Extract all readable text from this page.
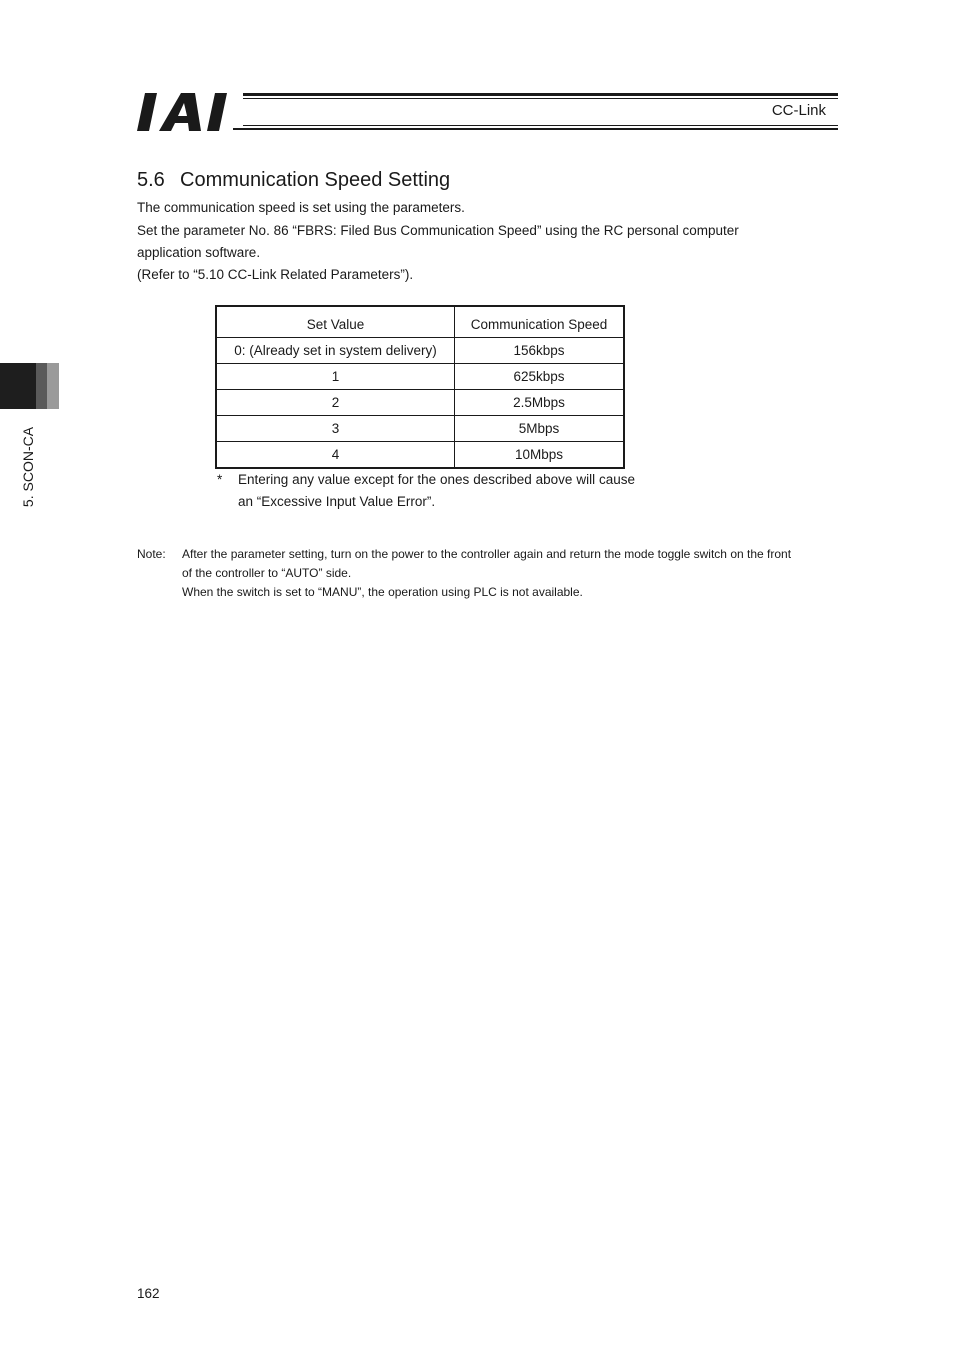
CC-Link
5. SCON-CA
5.6 Communication Speed Setting

The communication speed is set using the parameters.

Set the parameter No. 86 “FBRS: Filed Bus Communication Speed” using the RC personal computer

application software.

(Refer to “5.10 CC-Link Related Parameters”).

Set Value	Communication Speed
0: (Already set in system delivery)	156kbps
1	625kbps
2	2.5Mbps
3	5Mbps
4	10Mbps
* Entering any value except for the ones described above will cause an “Excessive Input Value Error”.
Note: After the parameter setting, turn on the power to the controller again and return the mode toggle switch on the front
of the controller to “AUTO” side.
When the switch is set to “MANU”, the operation using PLC is not available.
162
